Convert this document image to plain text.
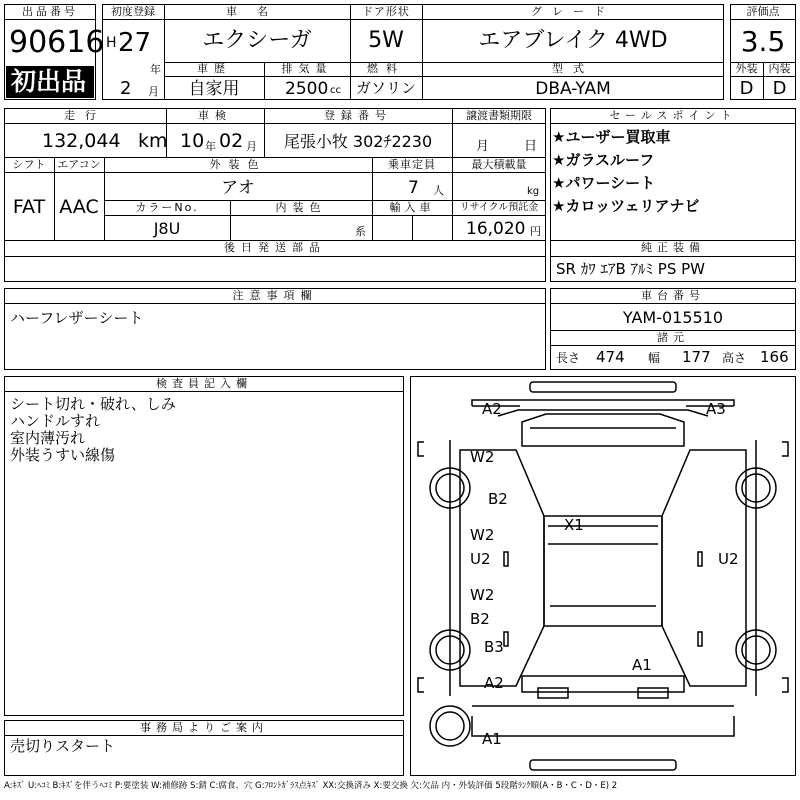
出品番号
90616
初出品
初度登録
H 27
年
2 月
車名
エクシーガ
ドア形状
5W
グレード
エアブレイク 4WD
車歴
自家用
排気量
2500 cc
燃料
ガソリン
型式
DBA-YAM
評価点
3.5
外装	内装
D	D
走行
132,044 km
車検
10 年 02 月
登録番号
尾張小牧 302ﾁ2230
譲渡書類期限
月	日
シフト
FAT
エアコン
AAC
外装色
アオ
乗車定員
7 人
最大積載量
kg
カラーNo.
J8U
内装色
系
輸入車	リサイクル預託金
16,020 円
後日発送部品
セールスポイント
★ユーザー買取車
★ガラスルーフ
★パワーシート
★カロッツェリアナビ
純正装備
SR ｶﾜ ｴｱB ｱﾙﾐ PS PW
注意事項欄
ハーフレザーシート
車台番号
YAM-015510
諸元
長さ 474 幅 177 高さ 166
検査員記入欄
シート切れ・破れ、しみ
ハンドルすれ
室内薄汚れ
外装うすい線傷
事務局よりご案内
売切りスタート
A2	A3
W2
B2
X1
W2
U2	U2
W2
B2
B3
A1
A2
A1
A:ｷｽﾞ U:ﾍｺﾐ B:ｷｽﾞを伴うﾍｺﾐ P:要塗装 W:補修跡 S:錆 C:腐食、穴 G:ﾌﾛﾝﾄｶﾞﾗｽ点ｷｽﾞ XX:交換済み X:要交換 欠:欠品 内・外装評価 5段階ﾗﾝｸ順(A・B・C・D・E) 2
